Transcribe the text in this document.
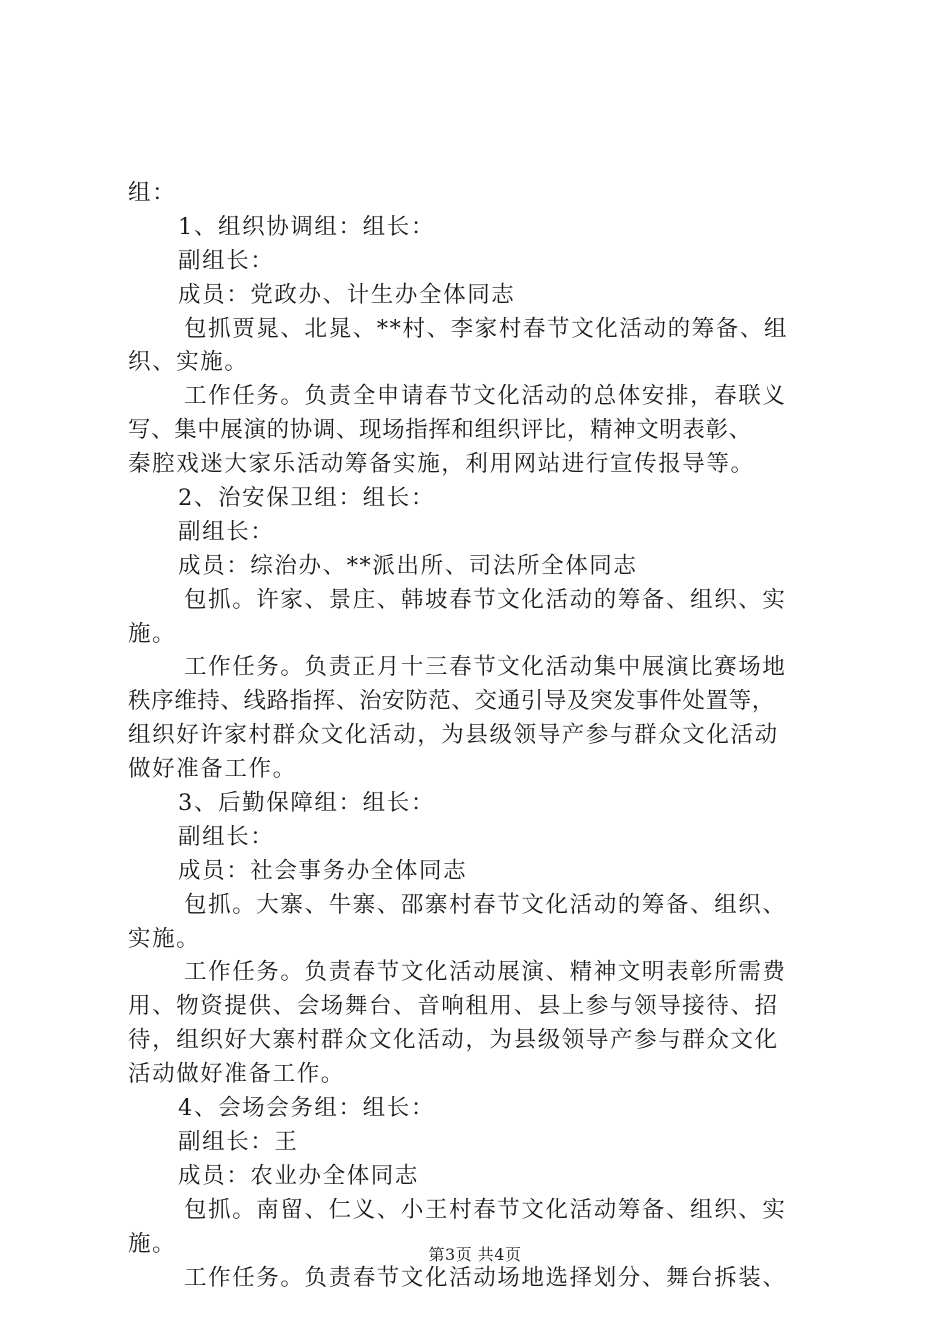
组：
1、组织协调组：组长：
副组长：
成员：党政办、计生办全体同志
包抓贾晁、北晁、**村、李家村春节文化活动的筹备、组
织、实施。
工作任务。负责全申请春节文化活动的总体安排，春联义
写、集中展演的协调、现场指挥和组织评比，精神文明表彰、
秦腔戏迷大家乐活动筹备实施，利用网站进行宣传报导等。
2、治安保卫组：组长：
副组长：
成员：综治办、**派出所、司法所全体同志
包抓。许家、景庄、韩坡春节文化活动的筹备、组织、实
施。
工作任务。负责正月十三春节文化活动集中展演比赛场地
秩序维持、线路指挥、治安防范、交通引导及突发事件处置等，
组织好许家村群众文化活动，为县级领导产参与群众文化活动
做好准备工作。
3、后勤保障组：组长：
副组长：
成员：社会事务办全体同志
包抓。大寨、牛寨、邵寨村春节文化活动的筹备、组织、
实施。
工作任务。负责春节文化活动展演、精神文明表彰所需费
用、物资提供、会场舞台、音响租用、县上参与领导接待、招
待，组织好大寨村群众文化活动，为县级领导产参与群众文化
活动做好准备工作。
4、会场会务组：组长：
副组长：王
成员：农业办全体同志
包抓。南留、仁义、小王村春节文化活动筹备、组织、实
施。
工作任务。负责春节文化活动场地选择划分、舞台拆装、
第3页 共4页
